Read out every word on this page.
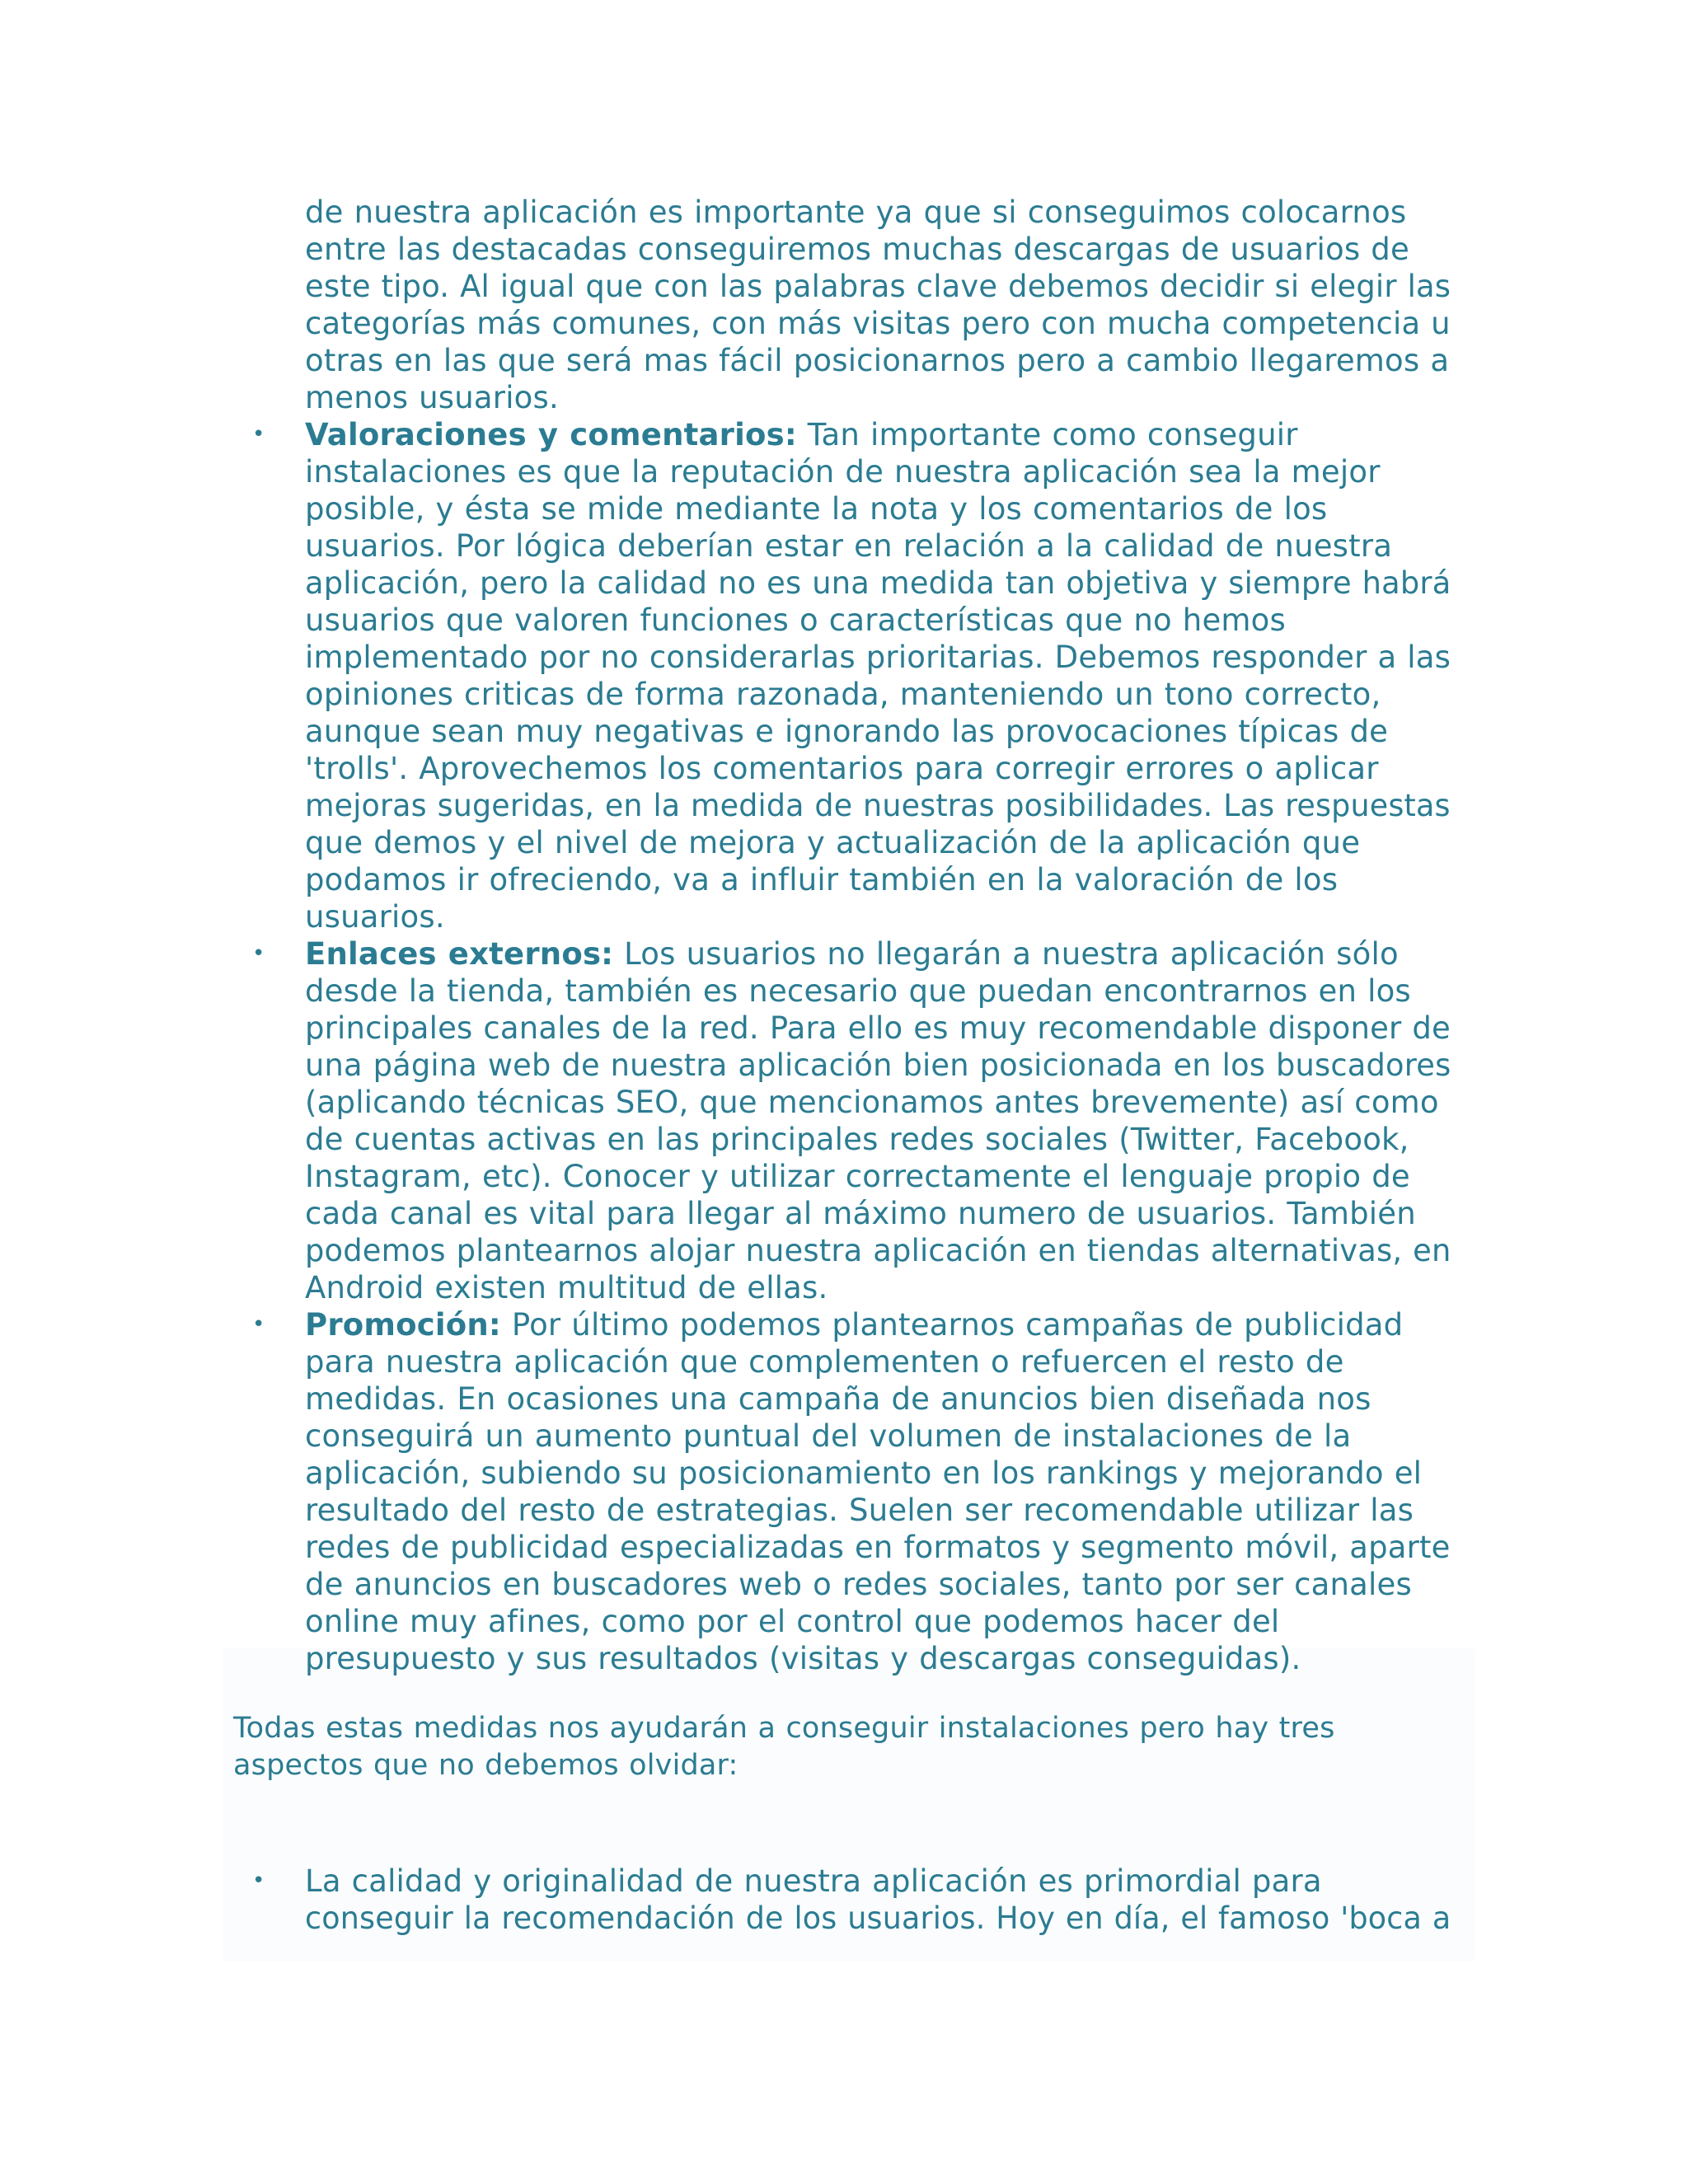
de nuestra aplicación es importante ya que si conseguimos colocarnos
entre las destacadas conseguiremos muchas descargas de usuarios de
este tipo. Al igual que con las palabras clave debemos decidir si elegir las
categorías más comunes, con más visitas pero con mucha competencia u
otras en las que será mas fácil posicionarnos pero a cambio llegaremos a
menos usuarios.
• Valoraciones y comentarios: Tan importante como conseguir
instalaciones es que la reputación de nuestra aplicación sea la mejor
posible, y ésta se mide mediante la nota y los comentarios de los
usuarios. Por lógica deberían estar en relación a la calidad de nuestra
aplicación, pero la calidad no es una medida tan objetiva y siempre habrá
usuarios que valoren funciones o características que no hemos
implementado por no considerarlas prioritarias. Debemos responder a las
opiniones criticas de forma razonada, manteniendo un tono correcto,
aunque sean muy negativas e ignorando las provocaciones típicas de
'trolls'. Aprovechemos los comentarios para corregir errores o aplicar
mejoras sugeridas, en la medida de nuestras posibilidades. Las respuestas
que demos y el nivel de mejora y actualización de la aplicación que
podamos ir ofreciendo, va a influir también en la valoración de los
usuarios.
• Enlaces externos: Los usuarios no llegarán a nuestra aplicación sólo
desde la tienda, también es necesario que puedan encontrarnos en los
principales canales de la red. Para ello es muy recomendable disponer de
una página web de nuestra aplicación bien posicionada en los buscadores
(aplicando técnicas SEO, que mencionamos antes brevemente) así como
de cuentas activas en las principales redes sociales (Twitter, Facebook,
Instagram, etc). Conocer y utilizar correctamente el lenguaje propio de
cada canal es vital para llegar al máximo numero de usuarios. También
podemos plantearnos alojar nuestra aplicación en tiendas alternativas, en
Android existen multitud de ellas.
• Promoción: Por último podemos plantearnos campañas de publicidad
para nuestra aplicación que complementen o refuercen el resto de
medidas. En ocasiones una campaña de anuncios bien diseñada nos
conseguirá un aumento puntual del volumen de instalaciones de la
aplicación, subiendo su posicionamiento en los rankings y mejorando el
resultado del resto de estrategias. Suelen ser recomendable utilizar las
redes de publicidad especializadas en formatos y segmento móvil, aparte
de anuncios en buscadores web o redes sociales, tanto por ser canales
online muy afines, como por el control que podemos hacer del
presupuesto y sus resultados (visitas y descargas conseguidas).
Todas estas medidas nos ayudarán a conseguir instalaciones pero hay tres
aspectos que no debemos olvidar:
• La calidad y originalidad de nuestra aplicación es primordial para
conseguir la recomendación de los usuarios. Hoy en día, el famoso 'boca a
